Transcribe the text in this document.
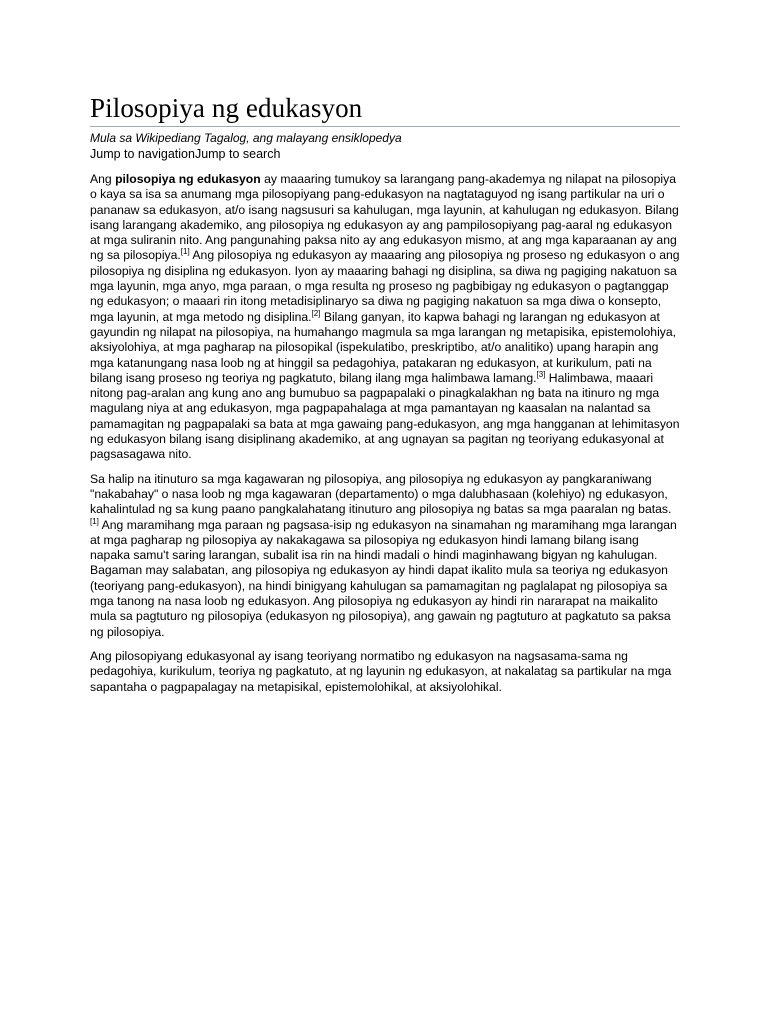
Pilosopiya ng edukasyon
Mula sa Wikipediang Tagalog, ang malayang ensiklopedya
Jump to navigationJump to search

Ang pilosopiya ng edukasyon ay maaaring tumukoy sa larangang pang-akademya ng nilapat na pilosopiya o kaya sa isa sa anumang mga pilosopiyang pang-edukasyon na nagtataguyod ng isang partikular na uri o pananaw sa edukasyon, at/o isang nagsusuri sa kahulugan, mga layunin, at kahulugan ng edukasyon. Bilang isang larangang akademiko, ang pilosopiya ng edukasyon ay ang pampilosopiyang pag-aaral ng edukasyon at mga suliranin nito. Ang pangunahing paksa nito ay ang edukasyon mismo, at ang mga kaparaanan ay ang ng sa pilosopiya.[1] Ang pilosopiya ng edukasyon ay maaaring ang pilosopiya ng proseso ng edukasyon o ang pilosopiya ng disiplina ng edukasyon. Iyon ay maaaring bahagi ng disiplina, sa diwa ng pagiging nakatuon sa mga layunin, mga anyo, mga paraan, o mga resulta ng proseso ng pagbibigay ng edukasyon o pagtanggap ng edukasyon; o maaari rin itong metadisiplinaryo sa diwa ng pagiging nakatuon sa mga diwa o konsepto, mga layunin, at mga metodo ng disiplina.[2] Bilang ganyan, ito kapwa bahagi ng larangan ng edukasyon at gayundin ng nilapat na pilosopiya, na humahango magmula sa mga larangan ng metapisika, epistemolohiya, aksiyolohiya, at mga pagharap na pilosopikal (ispekulatibo, preskriptibo, at/o analitiko) upang harapin ang mga katanungang nasa loob ng at hinggil sa pedagohiya, patakaran ng edukasyon, at kurikulum, pati na bilang isang proseso ng teoriya ng pagkatuto, bilang ilang mga halimbawa lamang.[3] Halimbawa, maaari nitong pag-aralan ang kung ano ang bumubuo sa pagpapalaki o pinagkalakhan ng bata na itinuro ng mga magulang niya at ang edukasyon, mga pagpapahalaga at mga pamantayan ng kaasalan na nalantad sa pamamagitan ng pagpapalaki sa bata at mga gawaing pang-edukasyon, ang mga hangganan at lehimitasyon ng edukasyon bilang isang disiplinang akademiko, at ang ugnayan sa pagitan ng teoriyang edukasyonal at pagsasagawa nito.

Sa halip na itinuturo sa mga kagawaran ng pilosopiya, ang pilosopiya ng edukasyon ay pangkaraniwang "nakabahay" o nasa loob ng mga kagawaran (departamento) o mga dalubhasaan (kolehiyo) ng edukasyon, kahalintulad ng sa kung paano pangkalahatang itinuturo ang pilosopiya ng batas sa mga paaralan ng batas.[1] Ang maramihang mga paraan ng pagsasa-isip ng edukasyon na sinamahan ng maramihang mga larangan at mga pagharap ng pilosopiya ay nakakagawa sa pilosopiya ng edukasyon hindi lamang bilang isang napaka samu't saring larangan, subalit isa rin na hindi madali o hindi maginhawang bigyan ng kahulugan. Bagaman may salabatan, ang pilosopiya ng edukasyon ay hindi dapat ikalito mula sa teoriya ng edukasyon (teoriyang pang-edukasyon), na hindi binigyang kahulugan sa pamamagitan ng paglalapat ng pilosopiya sa mga tanong na nasa loob ng edukasyon. Ang pilosopiya ng edukasyon ay hindi rin nararapat na maikalito mula sa pagtuturo ng pilosopiya (edukasyon ng pilosopiya), ang gawain ng pagtuturo at pagkatuto sa paksa ng pilosopiya.

Ang pilosopiyang edukasyonal ay isang teoriyang normatibo ng edukasyon na nagsasama-sama ng pedagohiya, kurikulum, teoriya ng pagkatuto, at ng layunin ng edukasyon, at nakalatag sa partikular na mga sapantaha o pagpapalagay na metapisikal, epistemolohikal, at aksiyolohikal.
